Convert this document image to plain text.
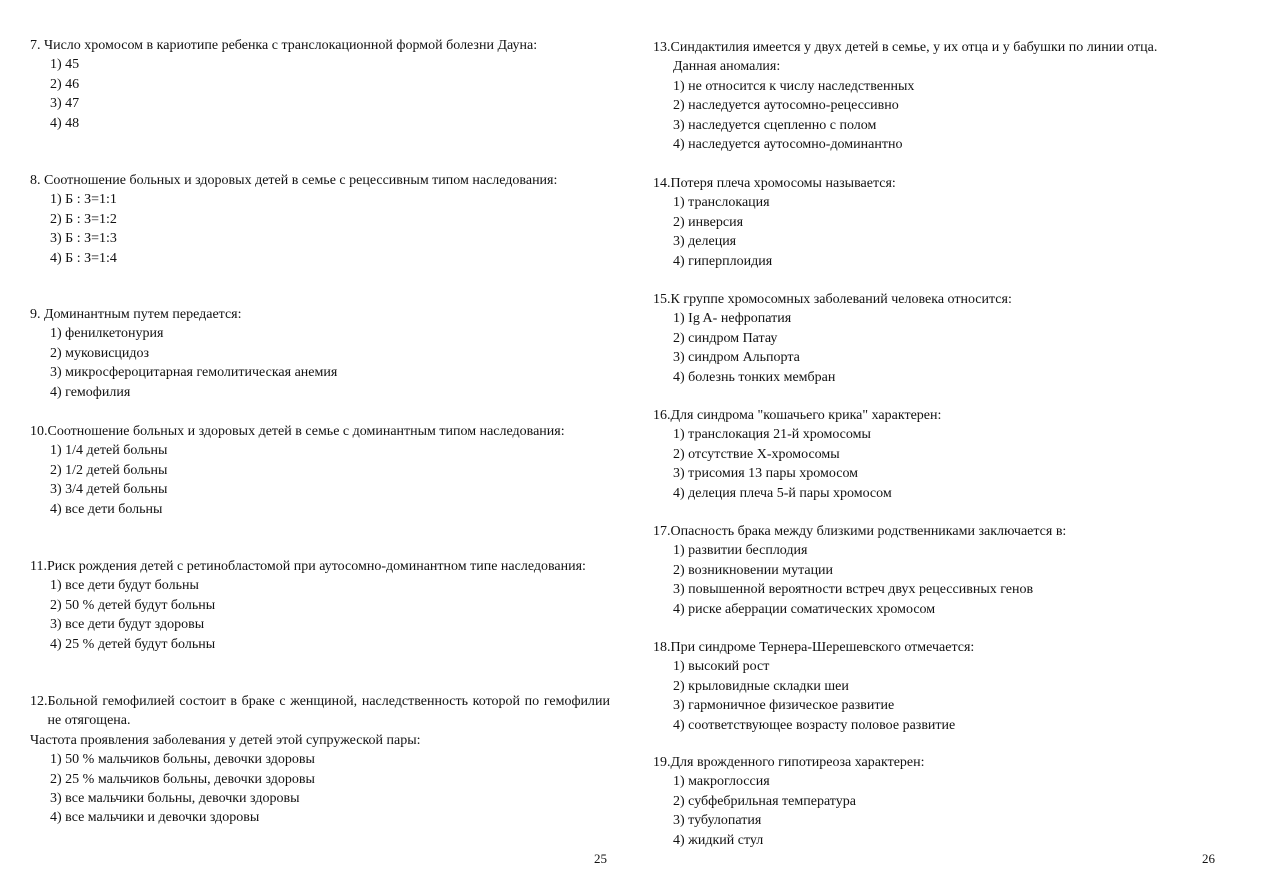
7. Число хромосом в кариотипе ребенка с транслокационной формой болезни Дауна:
1) 45
2) 46
3) 47
4) 48
8. Соотношение больных и здоровых детей в семье с рецессивным типом наследования:
1) Б : З=1:1
2) Б : З=1:2
3) Б : З=1:3
4) Б : З=1:4
9. Доминантным путем передается:
1) фенилкетонурия
2) муковисцидоз
3) микросфероцитарная гемолитическая анемия
4) гемофилия
10. Соотношение больных и здоровых детей в семье с доминантным типом наследования:
1) 1/4 детей больны
2) 1/2 детей больны
3) 3/4 детей больны
4) все дети больны
11. Риск рождения детей с ретинобластомой при аутосомно-доминантном типе наследования:
1) все дети будут больны
2) 50 % детей будут больны
3) все дети будут здоровы
4) 25 % детей будут больны
12. Больной гемофилией состоит в браке с женщиной, наследственность которой по гемофилии не отягощена.
Частота проявления заболевания у детей этой супружеской пары:
1) 50 % мальчиков больны, девочки здоровы
2) 25 % мальчиков больны, девочки здоровы
3) все мальчики больны, девочки здоровы
4) все мальчики и девочки здоровы
25
13. Синдактилия имеется у двух детей в семье, у их отца и у бабушки по линии отца.
Данная аномалия:
1) не относится к числу наследственных
2) наследуется аутосомно-рецессивно
3) наследуется сцепленно с полом
4) наследуется аутосомно-доминантно
14. Потеря плеча хромосомы называется:
1) транслокация
2) инверсия
3) делеция
4) гиперплоидия
15. К группе хромосомных заболеваний человека относится:
1) Ig A- нефропатия
2) синдром Патау
3) синдром Альпорта
4) болезнь тонких мембран
16. Для синдрома "кошачьего крика" характерен:
1) транслокация 21-й хромосомы
2) отсутствие Х-хромосомы
3) трисомия 13 пары хромосом
4) делеция плеча 5-й пары хромосом
17. Опасность брака между близкими родственниками заключается в:
1) развитии бесплодия
2) возникновении мутации
3) повышенной вероятности встреч двух рецессивных генов
4) риске аберрации соматических хромосом
18. При синдроме Тернера-Шерешевского отмечается:
1) высокий рост
2) крыловидные складки шеи
3) гармоничное физическое развитие
4) соответствующее возрасту половое развитие
19. Для врожденного гипотиреоза характерен:
1) макроглоссия
2) субфебрильная температура
3) тубулопатия
4) жидкий стул
26
